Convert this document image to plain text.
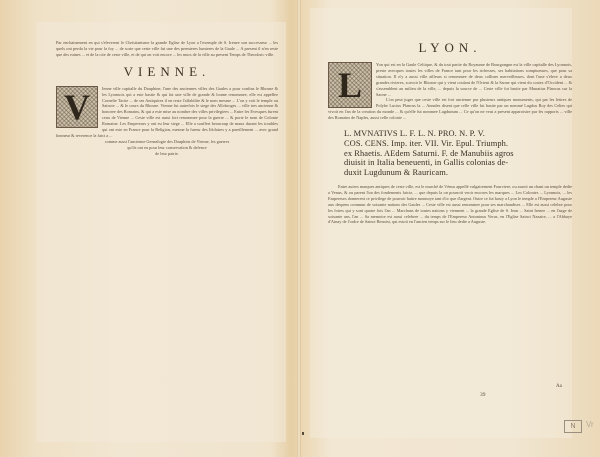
Par enchainement en qui s'eleverent le Christianisme la grande Eglise de Lyon a l'exemple de S. Irenee son successeur ... les quels ont perdu la vie pour la foy ... de sorte que ceste ville fut une des premieres lumieres de la Gaule ... A present il n'en reste que des ruines ... et de la cite de ceste ville, et de qui on voit encore ... les murs de la ville au present Temps de Theodoric ville.

VIENNE.
V	Ienne ville capitalle du Dauphine, l'une des anciennes villes des Gaules a pour confins le Rhosne & les Lyonnois qui a este bastie & qui fut une ville de grande & bonne renommee, elle est appellee Cornelie Tacite ... de ses Antiquitez il en reste l'affabilite & le nom mesme ... L'on y voit le temple ou Saincte ... & le cours du Rhosne. Vienne fut autrefois le siege des Allobroges ... ville tres ancienne & honoree des Romains, & qui a este mise au nombre des villes privilegiees ... Entre les Evesques furent ceux de Vienne ... Ceste ville est aussi fort renommee pour la guerre ... & porte le nom de Colonie Romaine. Les Empereurs y ont eu leur siege ... Elle a souffert beaucoup de maux durant les troubles qui ont este en France pour la Religion, mesme la fureur des Idolatres y a pareillement ... avec grand honneur & reverence la faict a ...

comme aussi l'ancienne Genealogie des Dauphins de Vienne, les guerres

qu'ils ont eu pour leur conservation & defence

de leur patrie.

LYON.
L

Yon qui est en la Gaule Celtique, & du tout partie du Royaume de Bourgongne est la ville capitalle des Lyonnois, preste avecques toutes les villes de France tant pour les richesses, ses habitations somptueuses, que pour sa situation. Il n'y a aussi ville ailleurs si renommee de deux collines merveilleuses, dont l'une s'eleve a deux grandes rivieres, scavoir le Rhosne qui y vient coulant de l'Orient & la Saone qui vient du costez d'Occident ... & s'assemblent au milieu de la ville, ... depuis la source de ... Ceste ville fut bastie par Munatius Plancus sur la Saone ...

L'on peut juger que ceste ville est fort ancienne par plusieurs antiques monuments, qui par les lettres de Polybe Lucius Plancus la ... Annales disent que celle ville fut bastie par un nommé Lugdus Roy des Celtes qui vivoit en l'an de la creation du monde ... & qu'elle fut nommee Lugdunum ... Ce qu'on ne veut a present apparoistre par les rapports ... ville des Romains de Naples, aussi celle colonie ...

L. MVNATIVS L. F. L. N. PRO. N. P. V.
COS. CENS. Imp. iter. VII. Vir. Epul. Triumph.
ex Rhaetis. AEdem Saturni. F. de Manubiis agros
diuisit in Italia beneuenti, in Gallis colonias de-
duxit Lugdunum & Rauricam.

Entre autres marques antiques de ceste ville, est le marché de Vénus appellé vulgairement Fourviere, ou auroit un chant un temple dedie a Venus, & ou parent l'un des fondements faictz, ... que depuis la on pourroit veoir encores les marques ... Les Colonies ... Lyonnois, ... les Empereurs donnerent ce privilege de pouvoir battre monnoye tant d'or que d'argent. Outre ce fut basty a Lyon le temple a l'Empereur Auguste aux despens commun de soixante nations des Gaules ... Ceste ville est aussi renommee pour ses marchandises ... Elle est aussi celebre pour les foires qui y sont quatre fois l'an ... Marchans de toutes nations y viennent ... la grande Eglise de S. Iean ... Saint Irenee ... en l'aage de soixante ans, l'an ... Sa memoire est aussi celebree ... du temps de l'Empereur Antoninus Verus, en l'Eglise Sainct Nazaire, ... a l'Abbaye d'Ainay de l'ordre de Sainct Benoist, qui estoit en l'ancien temps sur le lieu dedie a Auguste.

Aa
39
N	Vr
